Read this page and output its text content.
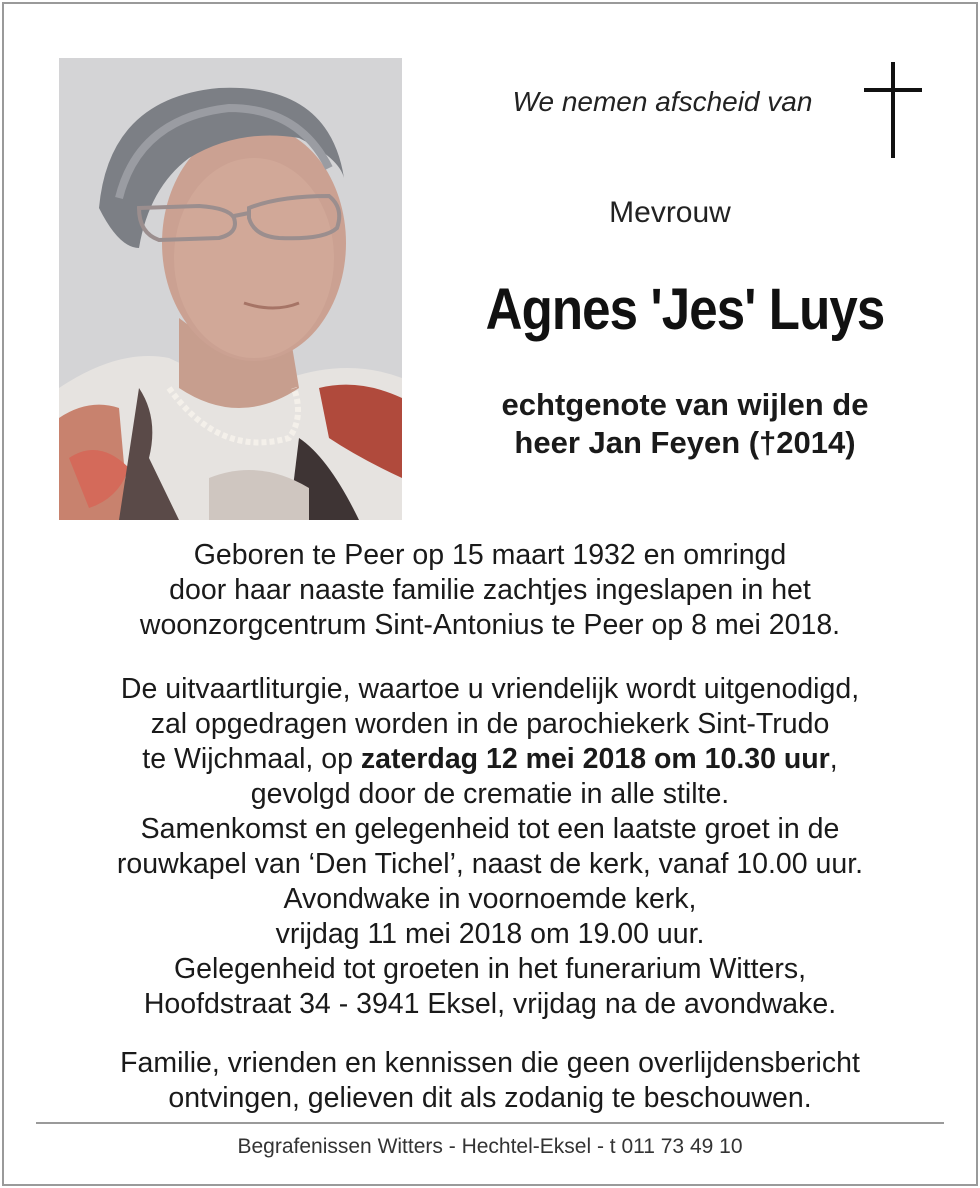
We nemen afscheid van
Mevrouw
Agnes 'Jes' Luys
echtgenote van wijlen de
heer Jan Feyen (†2014)
Geboren te Peer op 15 maart 1932 en omringd
door haar naaste familie zachtjes ingeslapen in het
woonzorgcentrum Sint-Antonius te Peer op 8 mei 2018.
De uitvaartliturgie, waartoe u vriendelijk wordt uitgenodigd,
zal opgedragen worden in de parochiekerk Sint-Trudo
te Wijchmaal, op zaterdag 12 mei 2018 om 10.30 uur,
gevolgd door de crematie in alle stilte.
Samenkomst en gelegenheid tot een laatste groet in de
rouwkapel van ‘Den Tichel’, naast de kerk, vanaf 10.00 uur.
Avondwake in voornoemde kerk,
vrijdag 11 mei 2018 om 19.00 uur.
Gelegenheid tot groeten in het funerarium Witters,
Hoofdstraat 34 - 3941 Eksel, vrijdag na de avondwake.
Familie, vrienden en kennissen die geen overlijdensbericht
ontvingen, gelieven dit als zodanig te beschouwen.
Begrafenissen Witters - Hechtel-Eksel - t 011 73 49 10
